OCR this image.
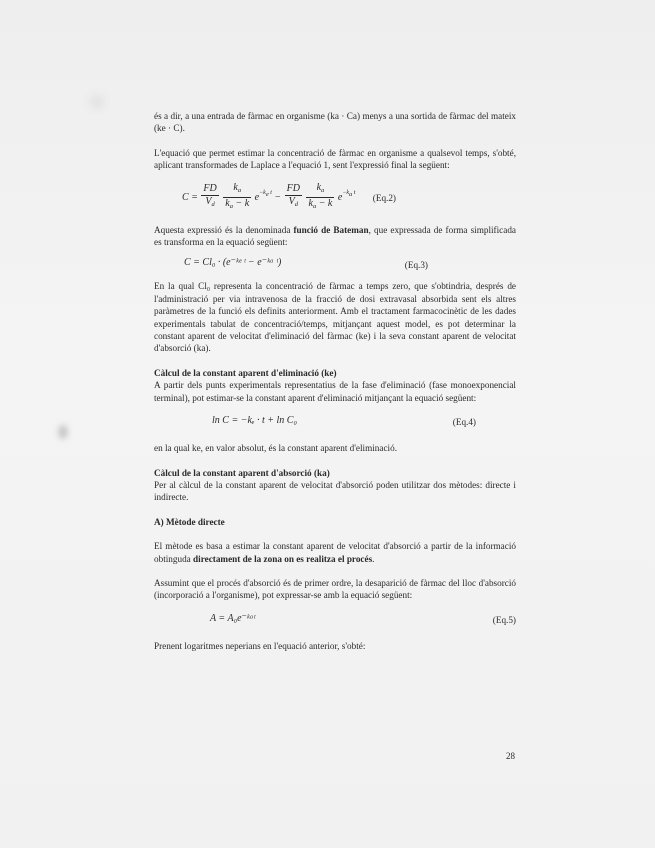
és a dir, a una entrada de fàrmac en organisme (ka · Ca) menys a una sortida de fàrmac del mateix (ke · C).

L'equació que permet estimar la concentració de fàrmac en organisme a qualsevol temps, s'obté, aplicant transformades de Laplace a l'equació 1, sent l'expressió final la següent:

$C = \frac{FD}{V_d}$
$\frac{k_a}{k_a - k} e^{-k_e t} - \frac{FD}{V_d}$
$\frac{k_a}{k_a - k} e^{-k_a t}$ (Eq.2)

Aquesta expressió és la denominada funció de Bateman, que expressada de forma simplificada es transforma en la equació següent:

C = Cl₀ · (e⁻ᵏᵉ ᵗ − e⁻ᵏᵃ ᵗ)	(Eq.3)

En la qual Cl₀ representa la concentració de fàrmac a temps zero, que s'obtindria, després de l'administració per via intravenosa de la fracció de dosi extravasal absorbida sent els altres paràmetres de la funció els definits anteriorment. Amb el tractament farmacocinètic de les dades experimentals tabulat de concentració/temps, mitjançant aquest model, es pot determinar la constant aparent de velocitat d'eliminació del fàrmac (ke) i la seva constant aparent de velocitat d'absorció (ka).

Càlcul de la constant aparent d'eliminació (ke)

A partir dels punts experimentals representatius de la fase d'eliminació (fase monoexponencial terminal), pot estimar-se la constant aparent d'eliminació mitjançant la equació següent:

ln C = −kₑ · t + ln C₀	(Eq.4)

en la qual ke, en valor absolut, és la constant aparent d'eliminació.

Càlcul de la constant aparent d'absorció (ka)

Per al càlcul de la constant aparent de velocitat d'absorció poden utilitzar dos mètodes: directe i indirecte.

A) Mètode directe

El mètode es basa a estimar la constant aparent de velocitat d'absorció a partir de la informació obtinguda directament de la zona on es realitza el procés.

Assumint que el procés d'absorció és de primer ordre, la desaparició de fàrmac del lloc d'absorció (incorporació a l'organisme), pot expressar-se amb la equació següent:

A = A₀e⁻ᵏᵃᵗ	(Eq.5)

Prenent logaritmes neperians en l'equació anterior, s'obté:

28
